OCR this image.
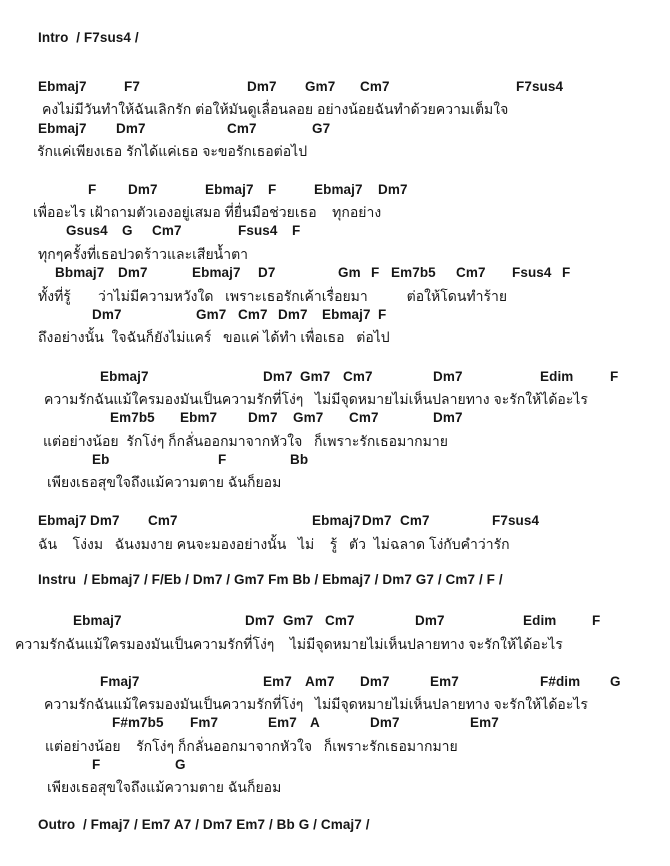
Intro  / F7sus4 /
Ebmaj7	F7	Dm7 Gm7 Cm7	F7sus4
คงไม่มีวันทำให้ฉันเลิกรัก ต่อให้มันดูเลื่อนลอย อย่างน้อยฉันทำด้วยความเต็มใจ
Ebmaj7 Dm7	Cm7	G7
รักแค่เพียงเธอ รักได้แค่เธอ จะขอรักเธอต่อไป
F Dm7	Ebmaj7 F	Ebmaj7 Dm7
เพื่ออะไร เฝ้าถามตัวเองอยู่เสมอ ที่ยื่นมือช่วยเธอ    ทุกอย่าง
Gsus4 G Cm7	Fsus4 F
ทุกๆครั้งที่เธอปวดร้าวและเสียน้ำตา
Bbmaj7 Dm7	Ebmaj7 D7	Gm F Em7b5 Cm7 Fsus4 F
ทั้งที่รู้       ว่าไม่มีความหวังใด   เพราะเธอรักเค้าเรื่อยมา          ต่อให้โดนทำร้าย
Dm7	Gm7 Cm7 Dm7 Ebmaj7 F
ถึงอย่างนั้น  ใจฉันก็ยังไม่แคร์   ขอแค่ ได้ทำ เพื่อเธอ   ต่อไป
Ebmaj7	Dm7 Gm7 Cm7	Dm7	Edim	F
ความรักฉันแม้ใครมองมันเป็นความรักที่โง่ๆ   ไม่มีจุดหมายไม่เห็นปลายทาง จะรักให้ได้อะไร
Em7b5 Ebm7 Dm7 Gm7 Cm7	Dm7
แต่อย่างน้อย  รักโง่ๆ ก็กลั่นออกมาจากหัวใจ   ก็เพราะรักเธอมากมาย
Eb	F	Bb
เพียงเธอสุขใจถึงแม้ความตาย ฉันก็ยอม
Ebmaj7 Dm7 Cm7	Ebmaj7 Dm7 Cm7	F7sus4
ฉัน    โง่งม   ฉันงมงาย คนจะมองอย่างนั้น   ไม่    รู้   ตัว  ไม่ฉลาด โง่กับคำว่ารัก
Instru  / Ebmaj7 / F/Eb / Dm7 / Gm7 Fm Bb / Ebmaj7 / Dm7 G7 / Cm7 / F /
Ebmaj7	Dm7 Gm7 Cm7	Dm7	Edim	F
ความรักฉันแม้ใครมองมันเป็นความรักที่โง่ๆ    ไม่มีจุดหมายไม่เห็นปลายทาง จะรักให้ได้อะไร
Fmaj7	Em7 Am7 Dm7	Em7	F#dim G
ความรักฉันแม้ใครมองมันเป็นความรักที่โง่ๆ   ไม่มีจุดหมายไม่เห็นปลายทาง จะรักให้ได้อะไร
F#m7b5 Fm7	Em7 A	Dm7	Em7
แต่อย่างน้อย    รักโง่ๆ ก็กลั่นออกมาจากหัวใจ   ก็เพราะรักเธอมากมาย
F	G
เพียงเธอสุขใจถึงแม้ความตาย ฉันก็ยอม
Outro  / Fmaj7 / Em7 A7 / Dm7 Em7 / Bb G / Cmaj7 /
